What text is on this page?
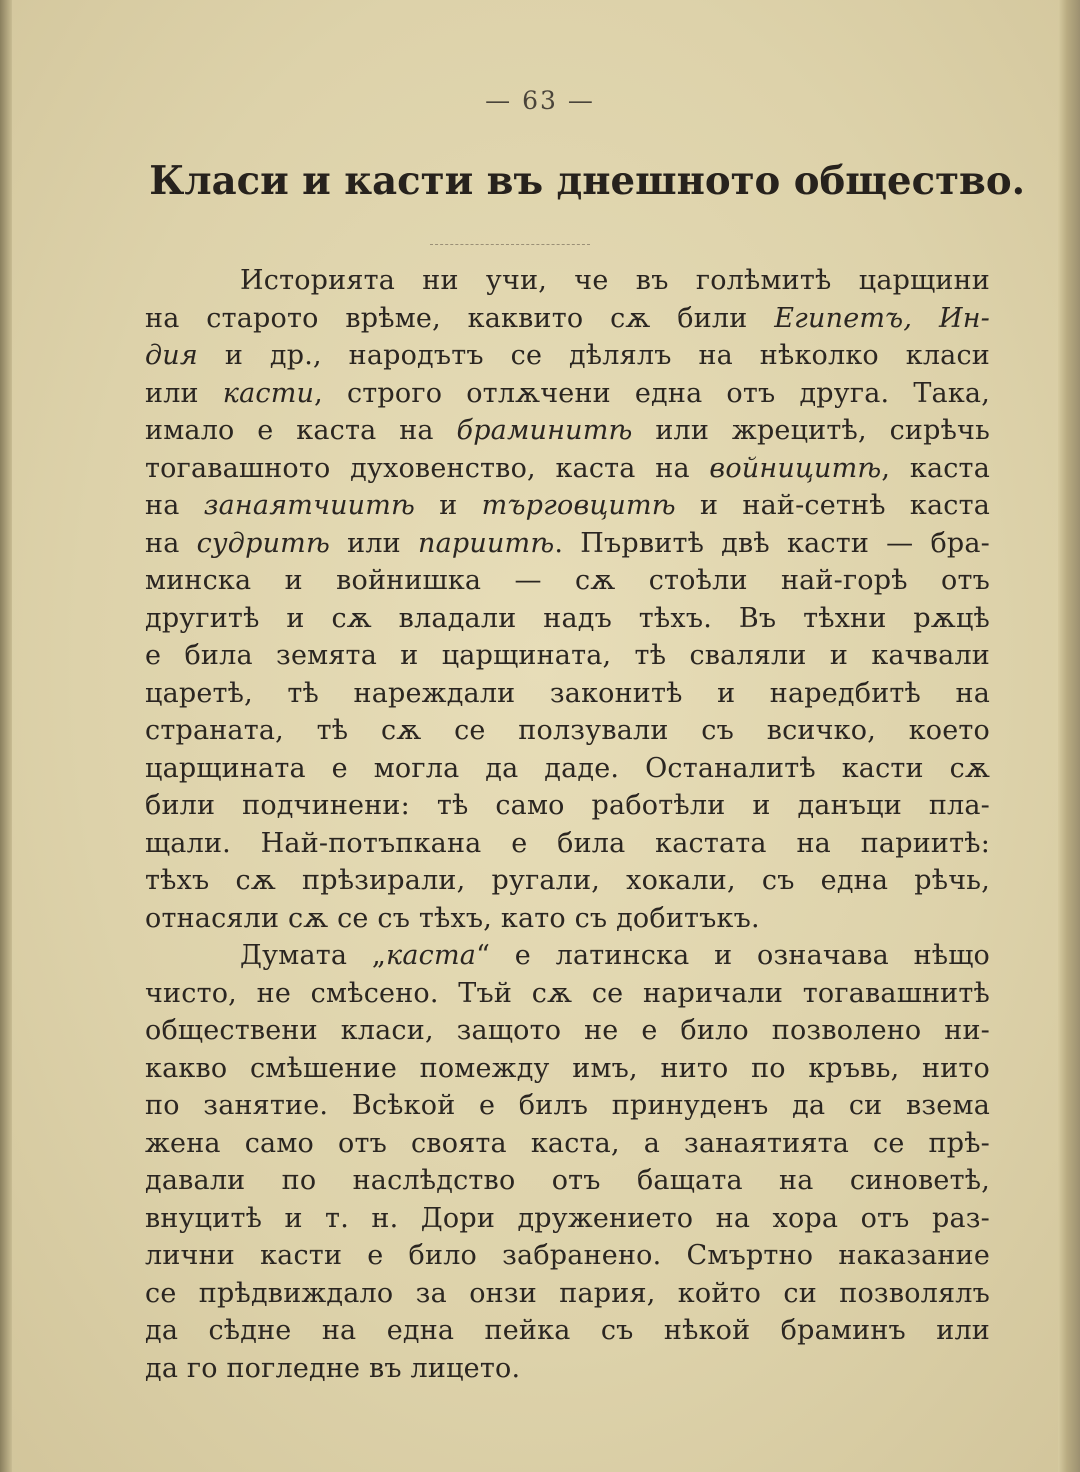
— 63 —
Класи и касти въ днешното общество.
Историята ни учи, че въ голѣмитѣ царщини
на старото врѣме, каквито сѫ били Египетъ, Ин-
дия и др., народътъ се дѣлялъ на нѣколко класи
или касти, строго отлѫчени една отъ друга. Така,
имало е каста на браминитѣ или жрецитѣ, сирѣчь
тогавашното духовенство, каста на войницитѣ, каста
на занаятчиитѣ и търговцитѣ и най-сетнѣ каста
на судритѣ или париитѣ. Първитѣ двѣ касти — бра-
минска и войнишка — сѫ стоѣли най-горѣ отъ
другитѣ и сѫ владали надъ тѣхъ. Въ тѣхни рѫцѣ
е била земята и царщината, тѣ сваляли и качвали
царетѣ, тѣ нареждали законитѣ и наредбитѣ на
страната, тѣ сѫ се ползували съ всичко, което
царщината е могла да даде. Останалитѣ касти сѫ
били подчинени: тѣ само работѣли и данъци пла-
щали. Най-потъпкана е била кастата на париитѣ:
тѣхъ сѫ прѣзирали, ругали, хокали, съ една рѣчь,
отнасяли сѫ се съ тѣхъ, като съ добитъкъ.
Думата „каста“ е латинска и означава нѣщо
чисто, не смѣсено. Тъй сѫ се наричали тогавашнитѣ
обществени класи, защото не е било позволено ни-
какво смѣшение помежду имъ, нито по кръвь, нито
по занятие. Всѣкой е билъ принуденъ да си взема
жена само отъ своята каста, а занаятията се прѣ-
давали по наслѣдство отъ бащата на синоветѣ,
внуцитѣ и т. н. Дори дружението на хора отъ раз-
лични касти е било забранено. Смъртно наказание
се прѣдвиждало за онзи пария, който си позволялъ
да сѣдне на една пейка съ нѣкой браминъ или
да го погледне въ лицето.
